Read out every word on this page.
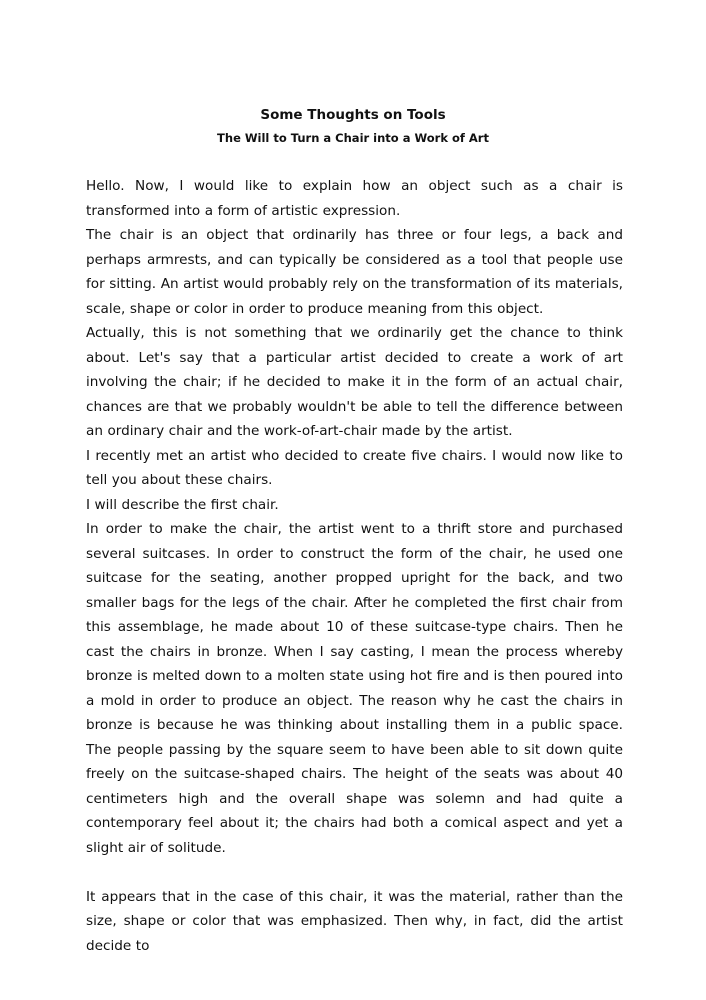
Some Thoughts on Tools
The Will to Turn a Chair into a Work of Art

Hello. Now, I would like to explain how an object such as a chair is transformed into a form of artistic expression.

The chair is an object that ordinarily has three or four legs, a back and perhaps armrests, and can typically be considered as a tool that people use for sitting. An artist would probably rely on the transformation of its materials, scale, shape or color in order to produce meaning from this object.

Actually, this is not something that we ordinarily get the chance to think about. Let's say that a particular artist decided to create a work of art involving the chair; if he decided to make it in the form of an actual chair, chances are that we probably wouldn't be able to tell the difference between an ordinary chair and the work-of-art-chair made by the artist.

I recently met an artist who decided to create five chairs. I would now like to tell you about these chairs.

I will describe the first chair.

In order to make the chair, the artist went to a thrift store and purchased several suitcases. In order to construct the form of the chair, he used one suitcase for the seating, another propped upright for the back, and two smaller bags for the legs of the chair. After he completed the first chair from this assemblage, he made about 10 of these suitcase-type chairs. Then he cast the chairs in bronze. When I say casting, I mean the process whereby bronze is melted down to a molten state using hot fire and is then poured into a mold in order to produce an object. The reason why he cast the chairs in bronze is because he was thinking about installing them in a public space. The people passing by the square seem to have been able to sit down quite freely on the suitcase-shaped chairs. The height of the seats was about 40 centimeters high and the overall shape was solemn and had quite a contemporary feel about it; the chairs had both a comical aspect and yet a slight air of solitude.

It appears that in the case of this chair, it was the material, rather than the size, shape or color that was emphasized. Then why, in fact, did the artist decide to
